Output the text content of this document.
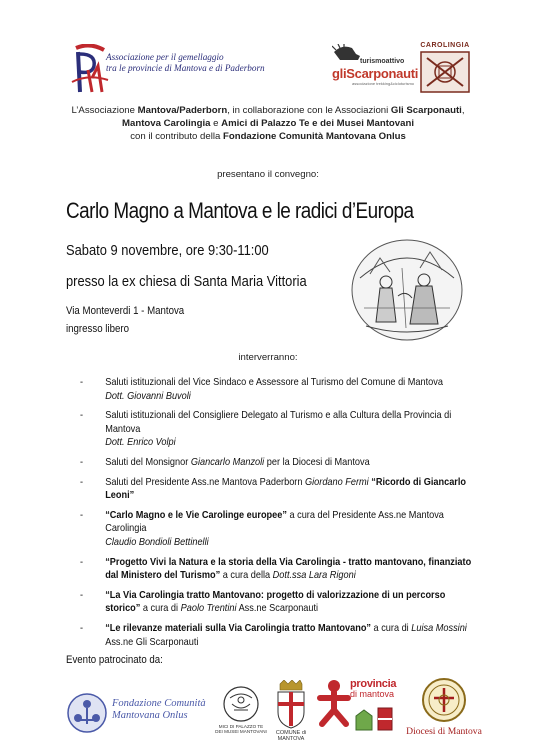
Associazione per il gemellaggio
tra le provincie di Mantova e di Paderborn
turismoattivo
gliScarponauti
associazione trekking&cicloturismo
CAROLINGIA
L’Associazione Mantova/Paderborn, in collaborazione con le Associazioni Gli Scarponauti,
Mantova Carolingia e Amici di Palazzo Te e dei Musei Mantovani
con il contributo della Fondazione Comunità Mantovana Onlus
presentano il convegno:
Carlo Magno a Mantova e le radici d’Europa
Sabato 9 novembre, ore 9:30-11:00
presso la ex chiesa di Santa Maria Vittoria
Via Monteverdi 1 - Mantova
ingresso libero
interverranno:
- Saluti istituzionali del Vice Sindaco e Assessore al Turismo del Comune di Mantova
Dott. Giovanni Buvoli
- Saluti istituzionali del Consigliere Delegato al Turismo e alla Cultura della Provincia di Mantova
Dott. Enrico Volpi
- Saluti del Monsignor Giancarlo Manzoli per la Diocesi di Mantova
- Saluti del Presidente Ass.ne Mantova Paderborn Giordano Fermi “Ricordo di Giancarlo Leoni”
- “Carlo Magno e le Vie Carolinge europee” a cura del Presidente Ass.ne Mantova Carolingia
Claudio Bondioli Bettinelli
- “Progetto Vivi la Natura e la storia della Via Carolingia - tratto mantovano, finanziato dal Ministero del Turismo” a cura della Dott.ssa Lara Rigoni
- “La Via Carolingia tratto Mantovano: progetto di valorizzazione di un percorso storico” a cura di Paolo Trentini Ass.ne Scarponauti
- “Le rilevanze materiali sulla Via Carolingia tratto Mantovano” a cura di Luisa Mossini
Ass.ne Gli Scarponauti
Evento patrocinato da:
Fondazione Comunità
Mantovana Onlus
MICI DI PALAZZO TE
DEI MUSEI MANTOVANI	COMUNE di
MANTOVA
provincia
di mantova
Diocesi di Mantova
